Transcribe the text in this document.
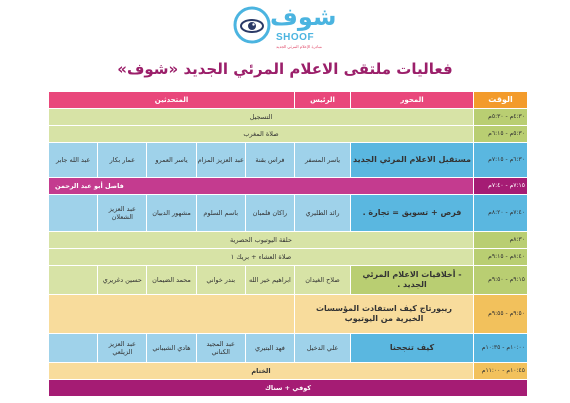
شوف
SHOOF
مبادرة الإعلام المرئي الجديد
فعاليات ملتقى الاعلام المرئي الجديد «شوف»
الوقت
المحور
الرئيس
المتحدثين
٤:٣٠م - ٥:٣٠م
التسجيل
٥:٣٠م - ٦:١٥م
صلاة المغرب
٦:٣٠م - ٧:١٥م
مستقبل الاعلام المرئي الجديد
ياسر المسفر
فراس بقنة
عبد العزيز المزام
ياسر العمرو
عمار بكار
عبد الله جابر
٧:١٥م - ٧:٤٠م
فاصل أبو عبد الرحمن
٧:٤٠م - ٨:٢٠م
فرص + تسويق = تجارة .
رائد الطليري
راكان فلمبان
باسم السلوم
مشهور الدبيان
عبد العزيز الشعلان
٨:٣٠م
حلقة اليوتيوب الحصرية
٨:٤٠م - ٩:١٥م
صلاة العشاء + بريك ١
٩:١٥م - ٩:٥٠م
- أخلاقيات الاعلام المرئي الجديد .
صلاح الغيدان
ابراهيم خير الله
بندر خواني
محمد الضيمان
حسين دغريري
٩:٥٠م - ٩:٥٥م
ريبورتاج كيف استفادت المؤسسات الخيرية من اليوتيوب
١٠:٠٠م - ١٠:٣٥م
كيف تنجحنا
علي الدخيل
فهد البتيري
عبد المجيد الكناني
هادي الشيباني
عبد العزيز الزيلعي
١٠:٤٥م - ١١:٠٠م
الختام
كوفي + سناك
